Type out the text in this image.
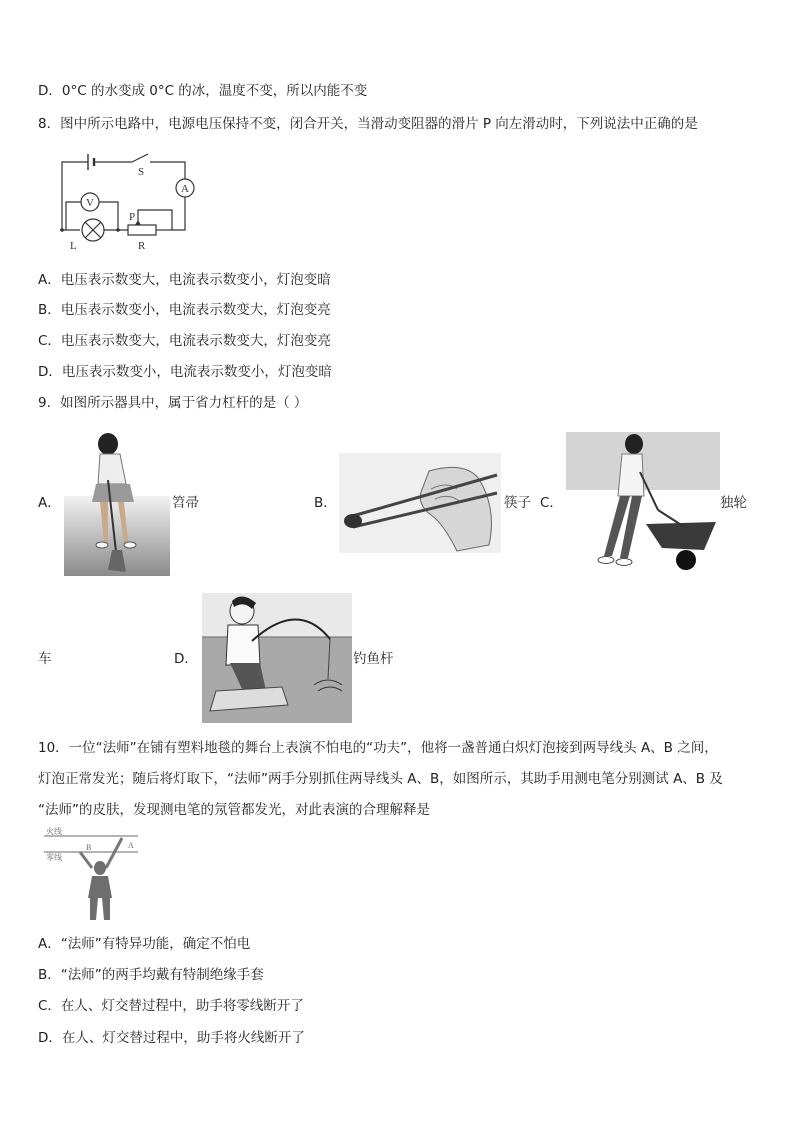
D．0°C 的水变成 0°C 的冰，温度不变，所以内能不变
8．图中所示电路中，电源电压保持不变，闭合开关，当滑动变阻器的滑片 P 向左滑动时，下列说法中正确的是
S
A
V
P
L	R
A．电压表示数变大，电流表示数变小，灯泡变暗
B．电压表示数变小，电流表示数变大，灯泡变亮
C．电压表示数变大，电流表示数变大，灯泡变亮
D．电压表示数变小，电流表示数变小，灯泡变暗
9．如图所示器具中，属于省力杠杆的是（ ）
A．	笤帚	B．	筷子 C．	独轮
车	D．	钓鱼杆
10．一位“法师”在铺有塑料地毯的舞台上表演不怕电的“功夫”，他将一盏普通白炽灯泡接到两导线头 A、B 之间，
灯泡正常发光；随后将灯取下，“法师”两手分别抓住两导线头 A、B，如图所示，其助手用测电笔分别测试 A、B 及
“法师”的皮肤，发现测电笔的氖管都发光，对此表演的合理解释是
火线
零线
A
B
A．“法师”有特异功能，确定不怕电
B．“法师”的两手均戴有特制绝缘手套
C．在人、灯交替过程中，助手将零线断开了
D．在人、灯交替过程中，助手将火线断开了
